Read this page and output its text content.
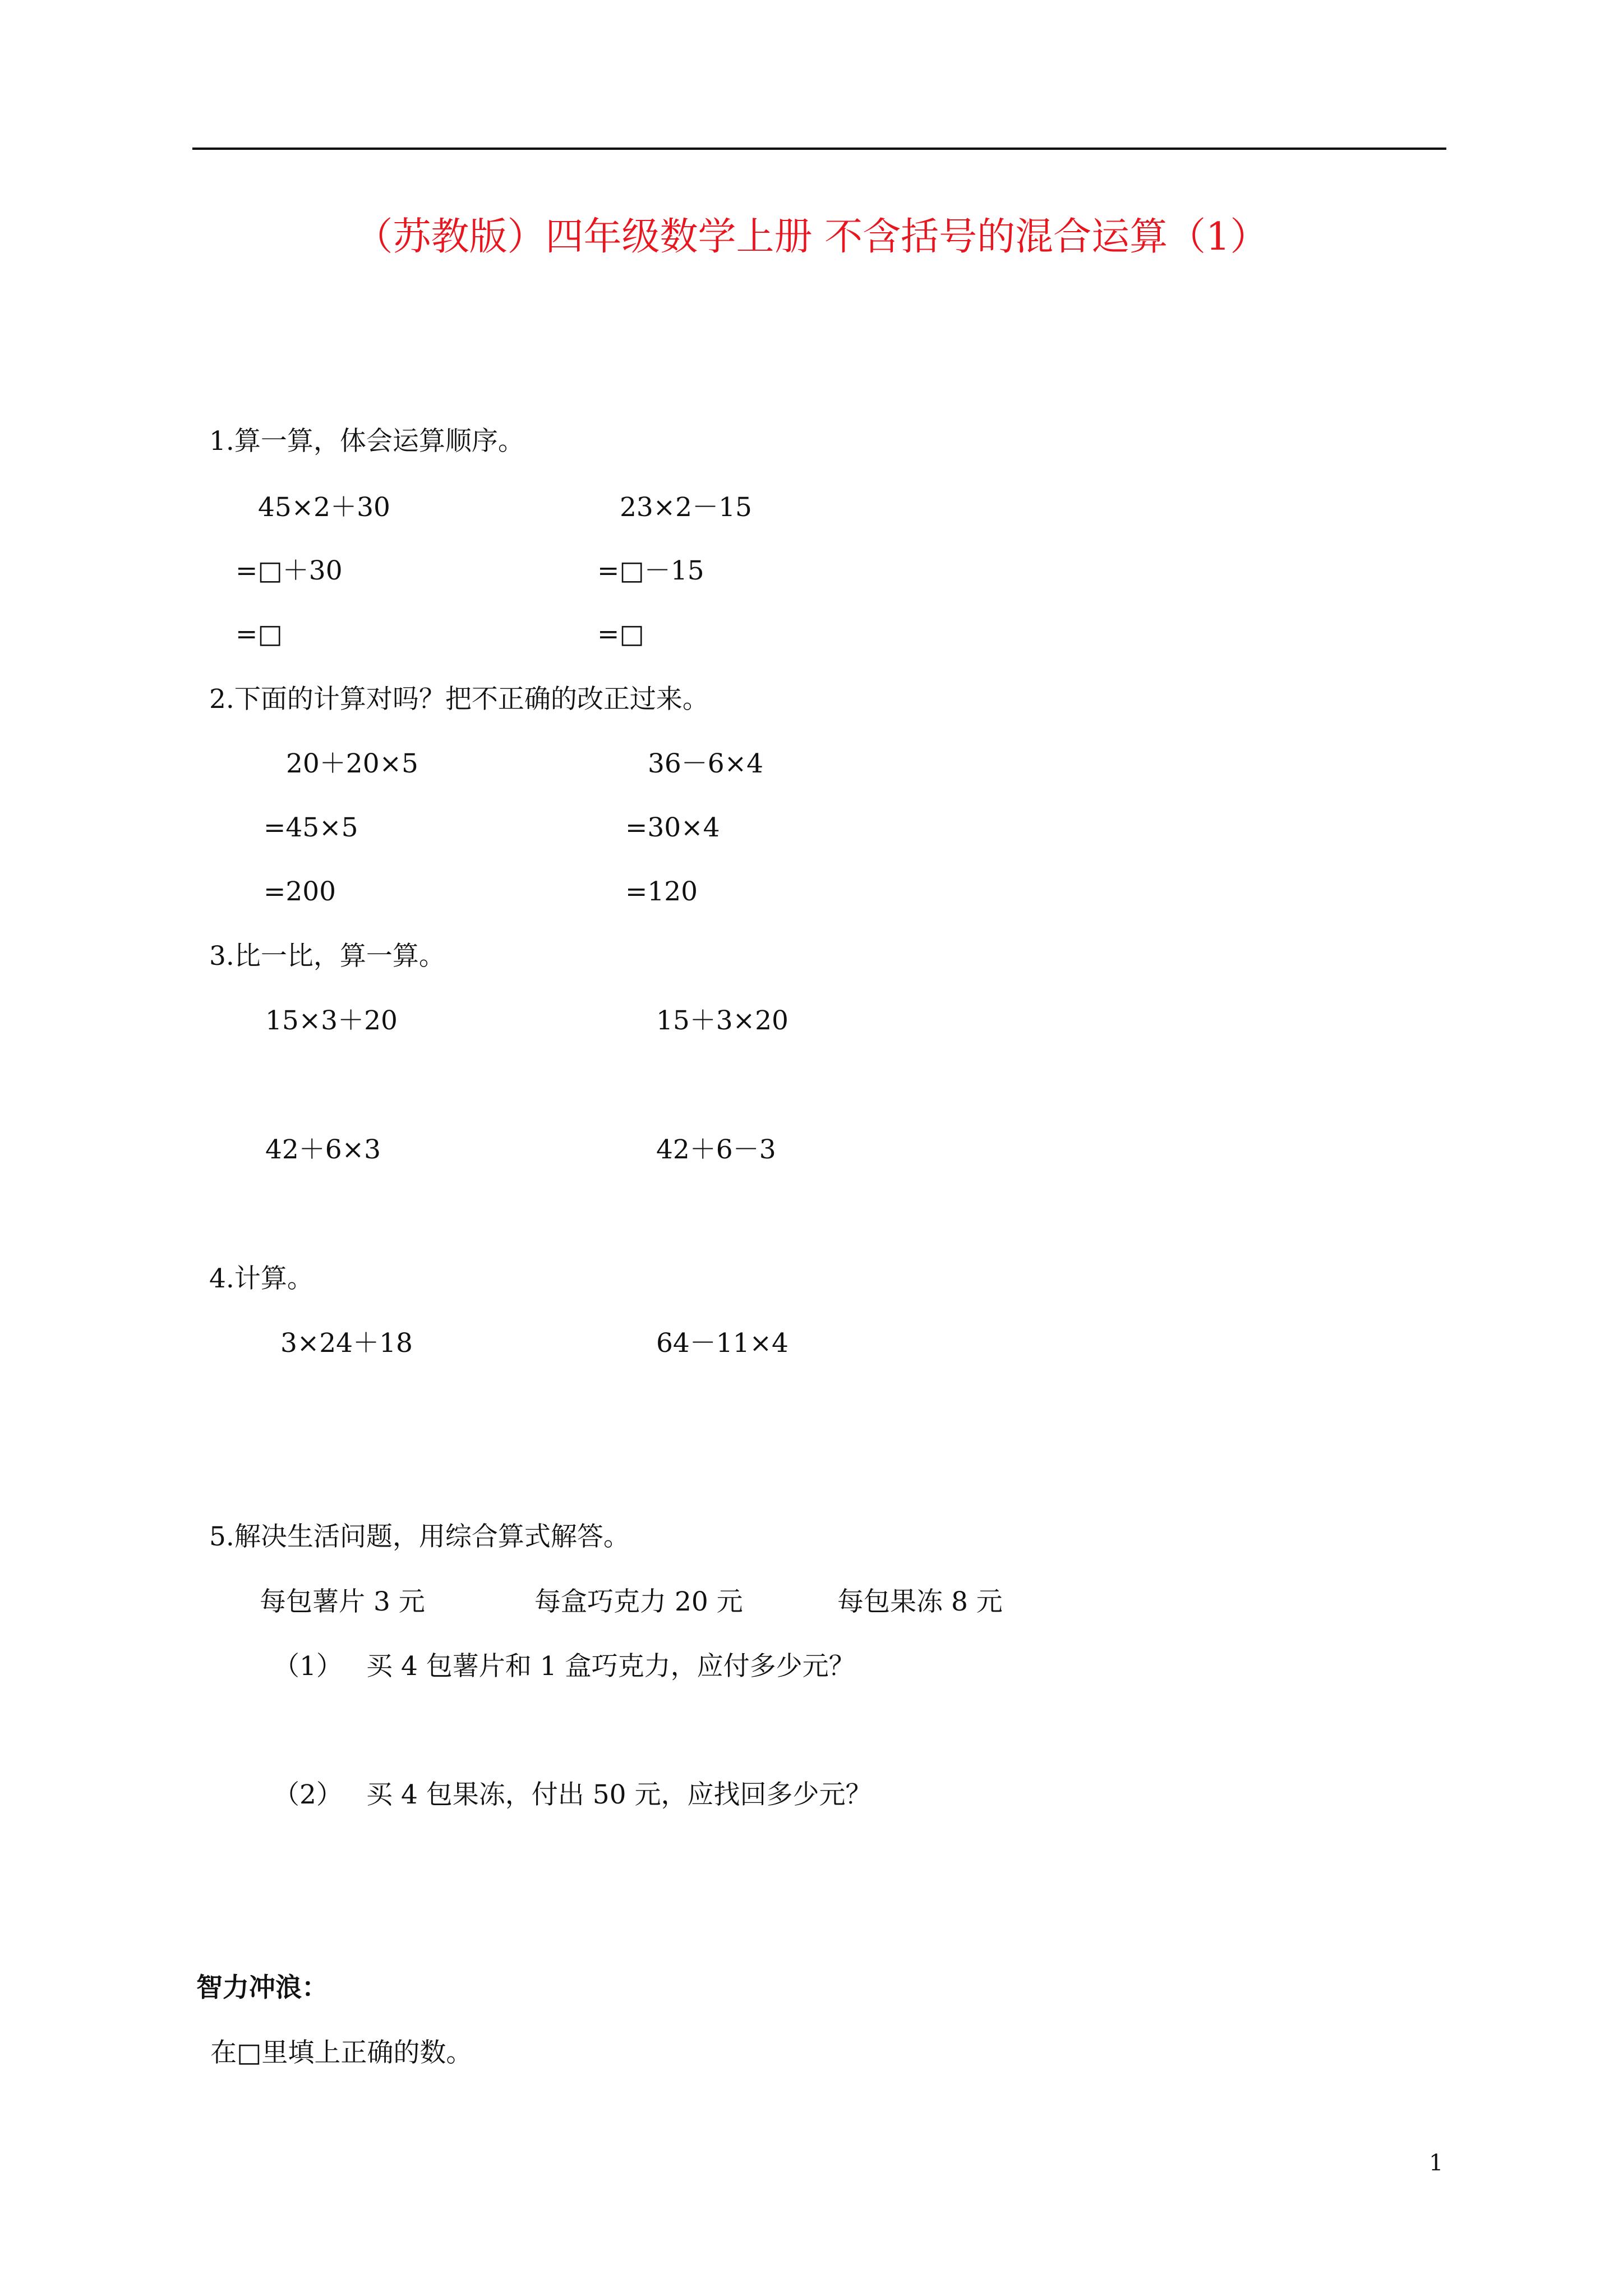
（苏教版）四年级数学上册 不含括号的混合运算（1）
1.算一算，体会运算顺序。
45×2＋30
=□＋30
=□
23×2－15
=□－15
=□
2.下面的计算对吗？把不正确的改正过来。
20＋20×5
=45×5
=200
36－6×4
=30×4
=120
3.比一比，算一算。
15×3＋20	15＋3×20
42＋6×3	42＋6－3
4.计算。
3×24＋18	64－11×4
5.解决生活问题，用综合算式解答。
每包薯片 3 元	每盒巧克力 20 元	每包果冻 8 元
（1） 买 4 包薯片和 1 盒巧克力，应付多少元？
（2） 买 4 包果冻，付出 50 元，应找回多少元？
智力冲浪：
在□里填上正确的数。
1
